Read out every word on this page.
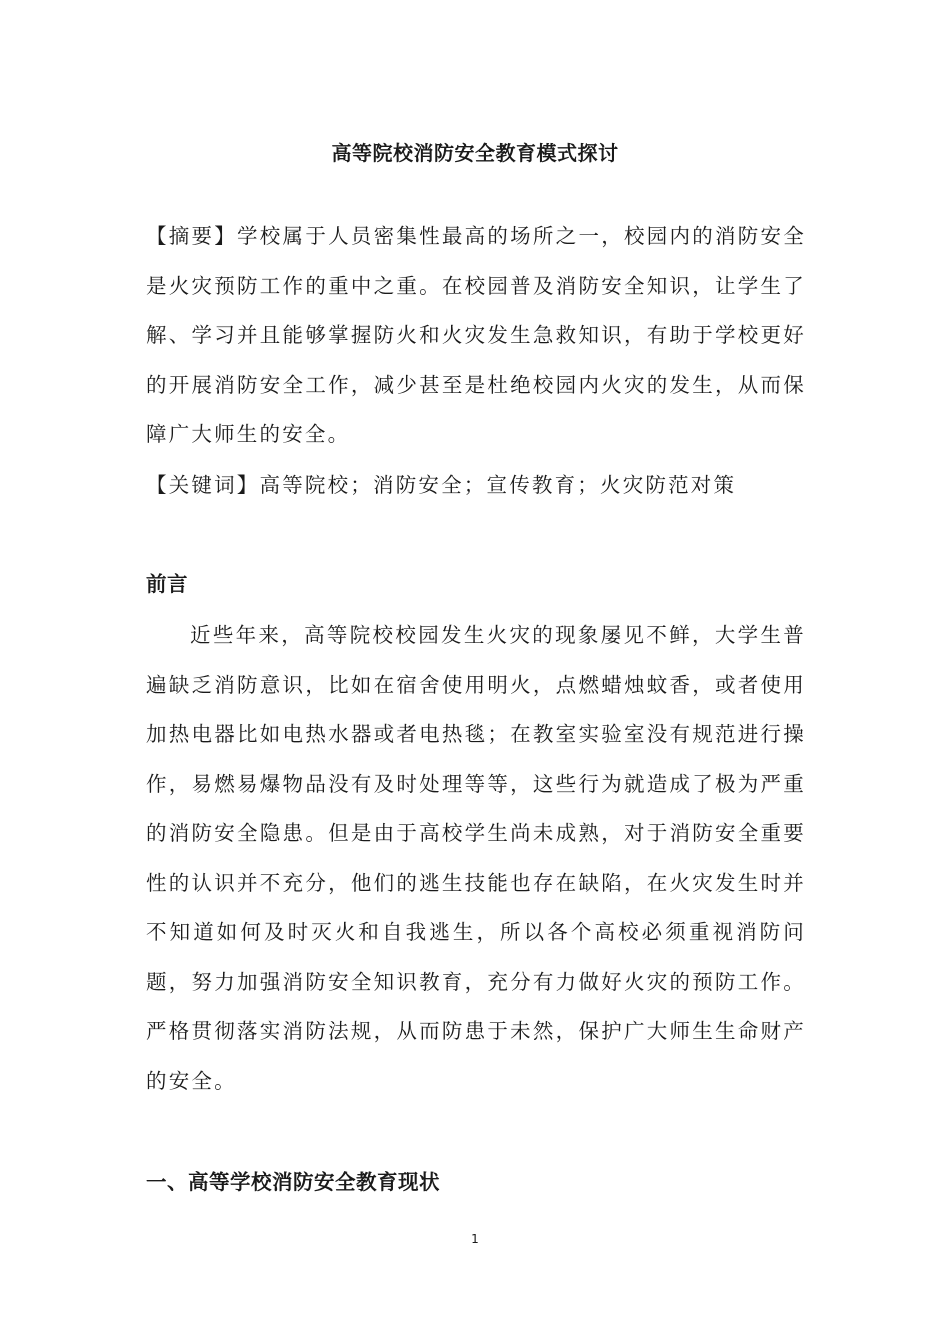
高等院校消防安全教育模式探讨
【摘要】学校属于人员密集性最高的场所之一，校园内的消防安全是火灾预防工作的重中之重。在校园普及消防安全知识，让学生了解、学习并且能够掌握防火和火灾发生急救知识，有助于学校更好的开展消防安全工作，减少甚至是杜绝校园内火灾的发生，从而保障广大师生的安全。
【关键词】高等院校；消防安全；宣传教育；火灾防范对策
前言
近些年来，高等院校校园发生火灾的现象屡见不鲜，大学生普遍缺乏消防意识，比如在宿舍使用明火，点燃蜡烛蚊香，或者使用加热电器比如电热水器或者电热毯；在教室实验室没有规范进行操作，易燃易爆物品没有及时处理等等，这些行为就造成了极为严重的消防安全隐患。但是由于高校学生尚未成熟，对于消防安全重要性的认识并不充分，他们的逃生技能也存在缺陷，在火灾发生时并不知道如何及时灭火和自我逃生，所以各个高校必须重视消防问题，努力加强消防安全知识教育，充分有力做好火灾的预防工作。严格贯彻落实消防法规，从而防患于未然，保护广大师生生命财产的安全。
一、高等学校消防安全教育现状
1
